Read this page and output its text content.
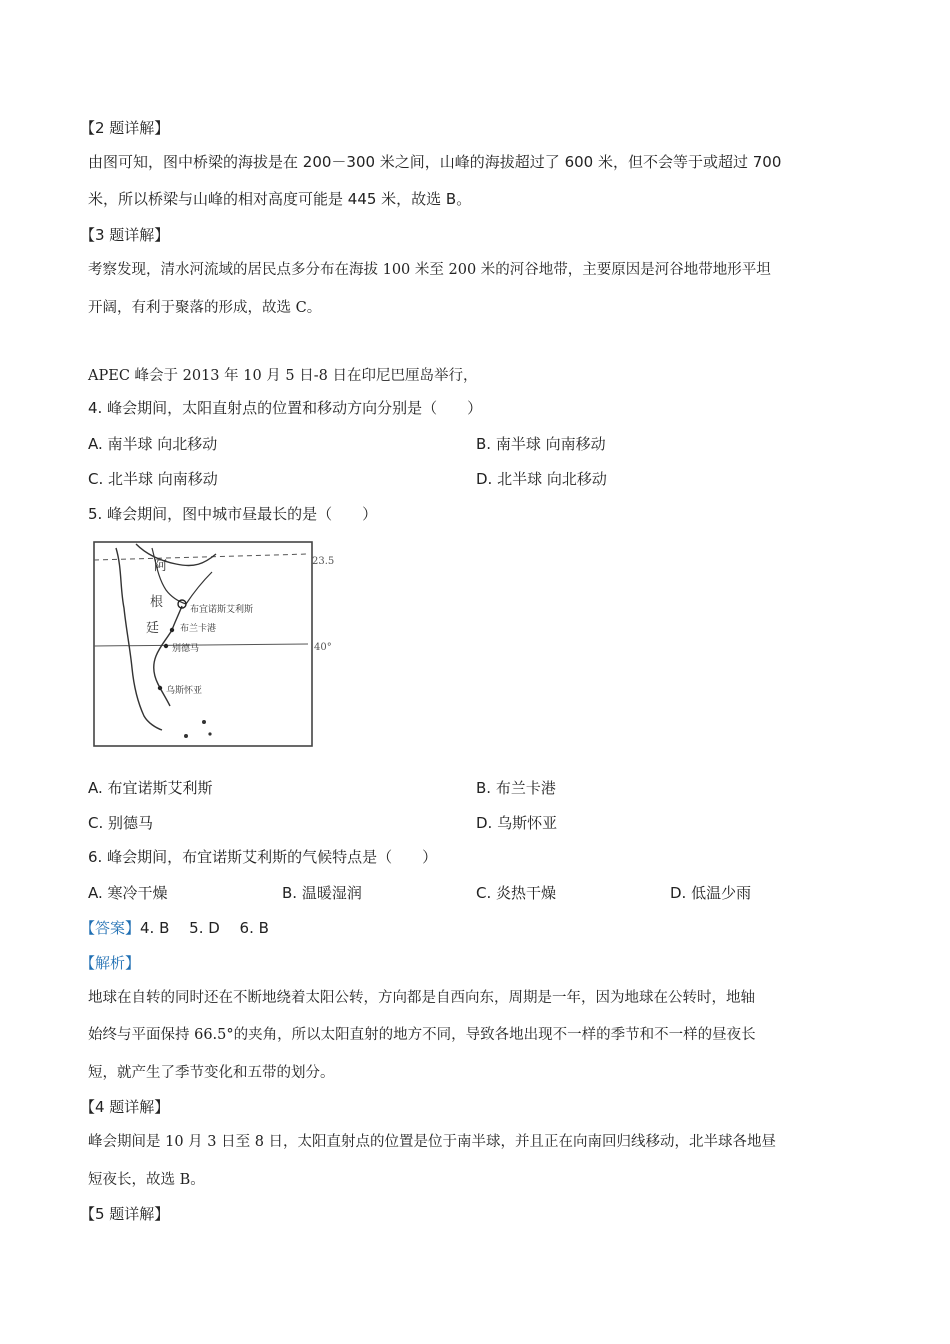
【2 题详解】
由图可知，图中桥梁的海拔是在 200－300 米之间，山峰的海拔超过了 600 米，但不会等于或超过 700
米，所以桥梁与山峰的相对高度可能是 445 米，故选 B。
【3 题详解】
考察发现，清水河流域的居民点多分布在海拔 100 米至 200 米的河谷地带，主要原因是河谷地带地形平坦
开阔，有利于聚落的形成，故选 C。
APEC 峰会于 2013 年 10 月 5 日-8 日在印尼巴厘岛举行，
4. 峰会期间，太阳直射点的位置和移动方向分别是（　　）
A. 南半球 向北移动	B. 南半球 向南移动
C. 北半球 向南移动	D. 北半球 向北移动
5. 峰会期间，图中城市昼最长的是（　　）
23.5
40°
阿
根
廷
布宜诺斯艾利斯
布兰卡港
别德马
乌斯怀亚
A. 布宜诺斯艾利斯	B. 布兰卡港
C. 别德马	D. 乌斯怀亚
6. 峰会期间，布宜诺斯艾利斯的气候特点是（　　）
A. 寒冷干燥	B. 温暖湿润	C. 炎热干燥	D. 低温少雨
【答案】4. B　 5. D　 6. B
【解析】
地球在自转的同时还在不断地绕着太阳公转，方向都是自西向东，周期是一年，因为地球在公转时，地轴
始终与平面保持 66.5°的夹角，所以太阳直射的地方不同，导致各地出现不一样的季节和不一样的昼夜长
短，就产生了季节变化和五带的划分。
【4 题详解】
峰会期间是 10 月 3 日至 8 日，太阳直射点的位置是位于南半球，并且正在向南回归线移动，北半球各地昼
短夜长，故选 B。
【5 题详解】
